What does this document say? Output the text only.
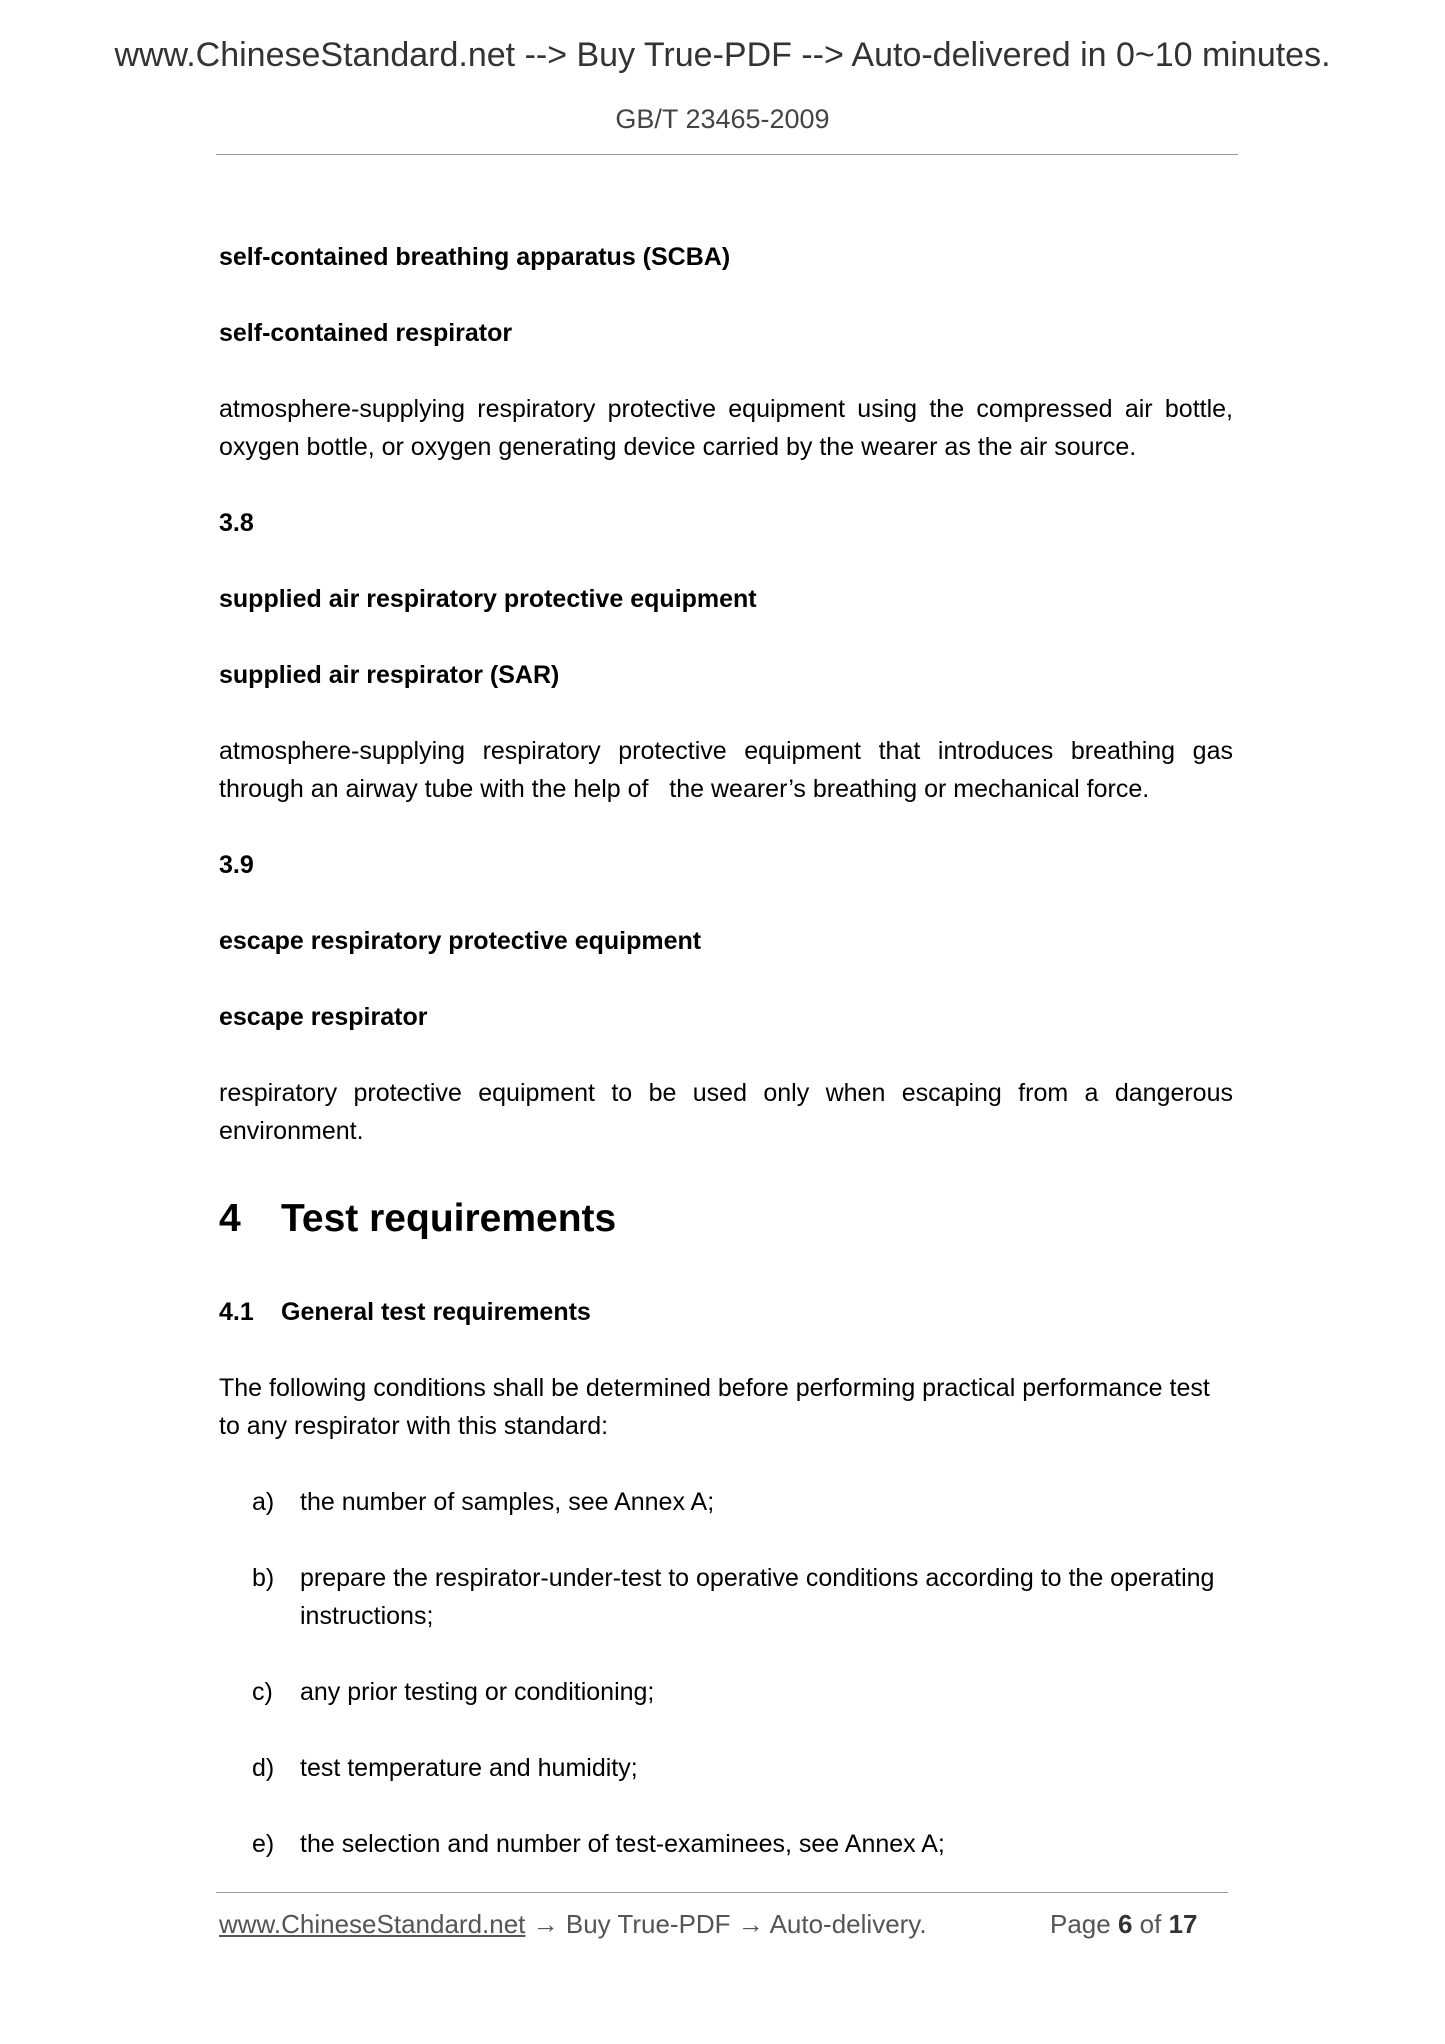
www.ChineseStandard.net --> Buy True-PDF --> Auto-delivered in 0~10 minutes.
GB/T 23465-2009

self-contained breathing apparatus (SCBA)

self-contained respirator

atmosphere-supplying respiratory protective equipment using the compressed air bottle, oxygen bottle, or oxygen generating device carried by the wearer as the air source.

3.8

supplied air respiratory protective equipment

supplied air respirator (SAR)

atmosphere-supplying respiratory protective equipment that introduces breathing gas through an airway tube with the help of   the wearer’s breathing or mechanical force.

3.9

escape respiratory protective equipment

escape respirator

respiratory protective equipment to be used only when escaping from a dangerous environment.

4 Test requirements
4.1 General test requirements

The following conditions shall be determined before performing practical performance test to any respirator with this standard:

a)	the number of samples, see Annex A;
b)	prepare the respirator-under-test to operative conditions according to the operating instructions;
c)	any prior testing or conditioning;
d)	test temperature and humidity;
e)	the selection and number of test-examinees, see Annex A;
www.ChineseStandard.net → Buy True-PDF → Auto-delivery.	Page 6 of 17
